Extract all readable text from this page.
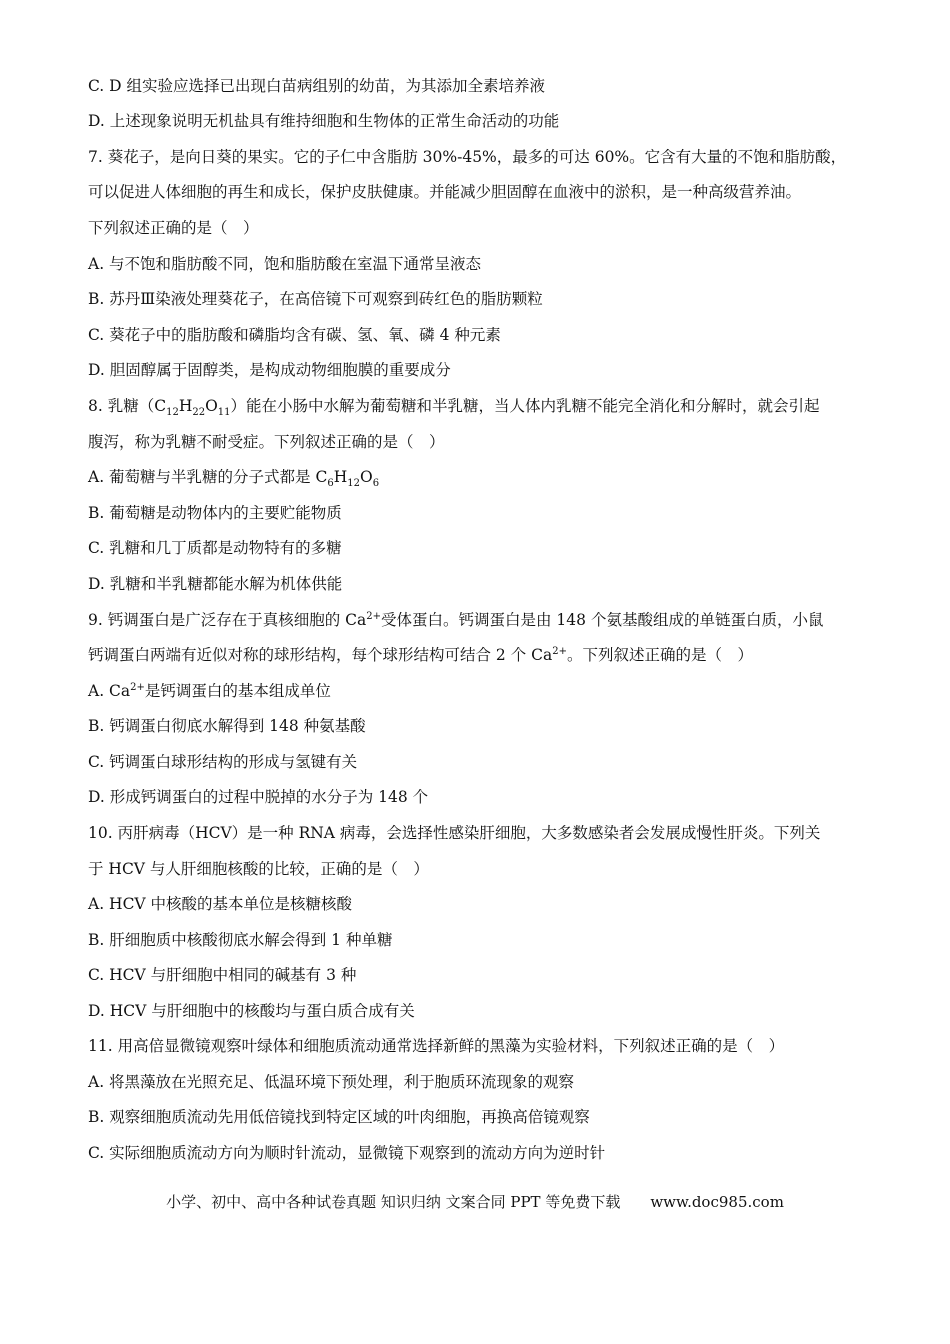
C. D 组实验应选择已出现白苗病组别的幼苗，为其添加全素培养液
D. 上述现象说明无机盐具有维持细胞和生物体的正常生命活动的功能
7. 葵花子，是向日葵的果实。它的子仁中含脂肪 30%-45%，最多的可达 60%。它含有大量的不饱和脂肪酸，
可以促进人体细胞的再生和成长，保护皮肤健康。并能减少胆固醇在血液中的淤积，是一种高级营养油。
下列叙述正确的是（　）
A. 与不饱和脂肪酸不同，饱和脂肪酸在室温下通常呈液态
B. 苏丹Ⅲ染液处理葵花子，在高倍镜下可观察到砖红色的脂肪颗粒
C. 葵花子中的脂肪酸和磷脂均含有碳、氢、氧、磷 4 种元素
D. 胆固醇属于固醇类，是构成动物细胞膜的重要成分
8. 乳糖$(C_{12}H_{22}O_{11})$能在小肠中水解为葡萄糖和半乳糖，当人体内乳糖不能完全消化和分解时，就会引起
腹泻，称为乳糖不耐受症。下列叙述正确的是（　）
A. 葡萄糖与半乳糖的分子式都是 $C_6H_{12}O_6$
B. 葡萄糖是动物体内的主要贮能物质
C. 乳糖和几丁质都是动物特有的多糖
D. 乳糖和半乳糖都能水解为机体供能
9. 钙调蛋白是广泛存在于真核细胞的 $Ca^{2+}$受体蛋白。钙调蛋白是由 148 个氨基酸组成的单链蛋白质，小鼠
钙调蛋白两端有近似对称的球形结构，每个球形结构可结合 2 个 $Ca^{2+}$。下列叙述正确的是（　）
A. $Ca^{2+}$是钙调蛋白的基本组成单位
B. 钙调蛋白彻底水解得到 148 种氨基酸
C. 钙调蛋白球形结构的形成与氢键有关
D. 形成钙调蛋白的过程中脱掉的水分子为 148 个
10. 丙肝病毒（HCV）是一种 RNA 病毒，会选择性感染肝细胞，大多数感染者会发展成慢性肝炎。下列关
于 HCV 与人肝细胞核酸的比较，正确的是（　）
A. HCV 中核酸的基本单位是核糖核酸
B. 肝细胞质中核酸彻底水解会得到 1 种单糖
C. HCV 与肝细胞中相同的碱基有 3 种
D. HCV 与肝细胞中的核酸均与蛋白质合成有关
11. 用高倍显微镜观察叶绿体和细胞质流动通常选择新鲜的黑藻为实验材料，下列叙述正确的是（　）
A. 将黑藻放在光照充足、低温环境下预处理，利于胞质环流现象的观察
B. 观察细胞质流动先用低倍镜找到特定区域的叶肉细胞，再换高倍镜观察
C. 实际细胞质流动方向为顺时针流动，显微镜下观察到的流动方向为逆时针
小学、初中、高中各种试卷真题 知识归纳 文案合同 PPT 等免费下载 www.doc985.com
